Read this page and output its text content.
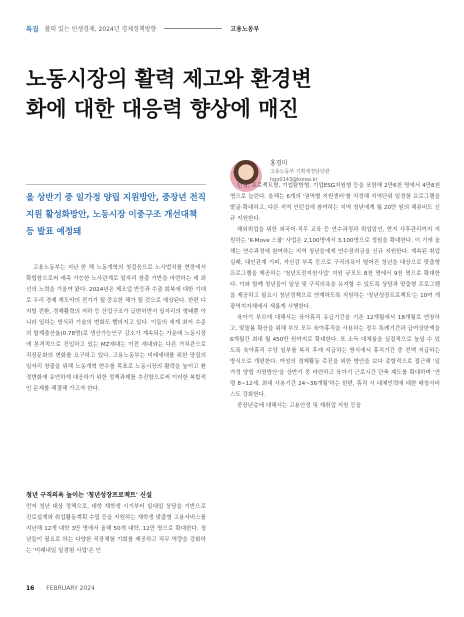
특집 활력 있는 민생경제, 2024년 경제정책방향	고용노동부
노동시장의 활력 제고와 환경변화에 대한 대응력 향상에 매진
홍경미
고용노동부 기획재정담당관
hgo0143@korea.kr
올 상반기 중 일가정 양립 지원방안, 중장년 전직 지원 활성화방안, 노동시장 이중구조 개선대책 등 발표 예정돼

고용노동부는 지난 한 해 노동개혁의 첫걸음으로 노사법치를 현장에서 확립함으로써 예측 가능한 노사관계로 일자리 창출 기반을 마련하는 데 최선의 노력을 기울여 왔다. 2024년은 제조업 반등과 수출 회복에 대한 기대로 우리 경제 재도약의 전기가 될 중요한 해가 될 것으로 예상된다. 한편 디지털 전환, 경제활력의 저하 등 산업구조가 급변하면서 일자리의 형태뿐 아니라 일하는 방식과 기술의 변화도 빨라지고 있다. 이들의 세계 최저 수준의 합계출산율(0.78명)로 생산가능인구 감소가 계속되는 가운데 노동시장에 본격적으로 진입하고 있는 MZ세대는 이전 세대와는 다른 가치관으로 직장문화의 변화를 요구하고 있다. 고용노동부는 미래세대를 위한 양질의 일자리 창출을 위해 노동개혁 현수를 목표로 노동시장의 활력을 높이고 환경변화에 유연하게 대응하기 위한 정책과제를 추진함으로써 이러한 복합적인 문제를 해결해 가고자 한다.

청년 구직의욕 높이는 '청년성장프로젝트' 신설

먼저 청년 대상 정책으로, 대학 재학생 시기부터 일대일 상담을 기반으로 진로설계와 취업활동계획 수립 등을 지원하는 재학생 맞춤형 고용서비스를 지난해 12개 대학 3만 명에서 올해 50개 대학, 12만 명으로 확대한다. 청년들이 필요로 하는 다양한 직장체험 기회를 제공하고 직무 역량을 강화하는 '미래내일 일경험 사업'은 인

턴형, 프로젝트형, 기업탐방형, 기업ESG지원형 등을 포함해 2만6천 명에서 4만8천 명으로 늘린다. 올해는 6개의 '권역별 지원센터'를 지정해 지역단위 일경험 프로그램을 발굴·확대하고, 다른 지역 인턴십에 참여하는 지역 청년에게 월 20만 원의 체류비도 신규 지원한다.

해외취업을 위한 외국어·직무 교육 등 연수과정과 취업알선, 현지 사후관리까지 지원하는 'K-Move 스쿨' 사업은 2,100명에서 3,100명으로 정원을 확대한다. 이 기에 올해는 연수과정에 참여하는 지역 청년들에게 연수장려금을 신규 지원한다. 계속된 취업 실패, 대인관계 기피, 자신감 부족 등으로 구직의욕이 떨어진 청년을 대상으로 맞춤형 프로그램을 제공하는 '청년도전지원사업' 지원 규모도 8천 명에서 9천 명으로 확대한다. 이와 함께 청년들이 일상 및 구직의욕을 유지할 수 있도록 상담과 맞춤형 프로그램을 제공하고 필요시 청년정책으로 연계하도록 지원하는 '청년성장프로젝트'는 10여 개 광역지자체에서 새롭게 시행한다.

육아기 부모에 대해서는 육아휴직 유급기간을 기존 12개월에서 18개월로 연장하고, 맞돌봄 확산을 위해 부모 모두 육아휴직을 사용하는 경우 특례기간과 급여상한액을 6개월간 최대 월 450만 원까지로 확대한다. 또 소득 대체율을 실질적으로 높일 수 있도록 육아휴직 수당 일부를 복직 후에 지급하는 방식에서 휴직기간 중 전액 지급하는 방식으로 개편한다. 여성의 경제활동 촉진을 위한 방안을 보다 종합적으로 접근해 '일가정 양립 지원방안'을 상반기 중 마련하고 육아기 근로시간 단축 제도를 확대하며 '연령 8~12세, 최대 사용기간 24~36개월'하는 한편, 휴직 시 대체인력에 대한 매칭서비스도 강화한다.

중장년층에 대해서는 고용안정 및 재취업 지원 등을

16 FEBRUARY 2024
